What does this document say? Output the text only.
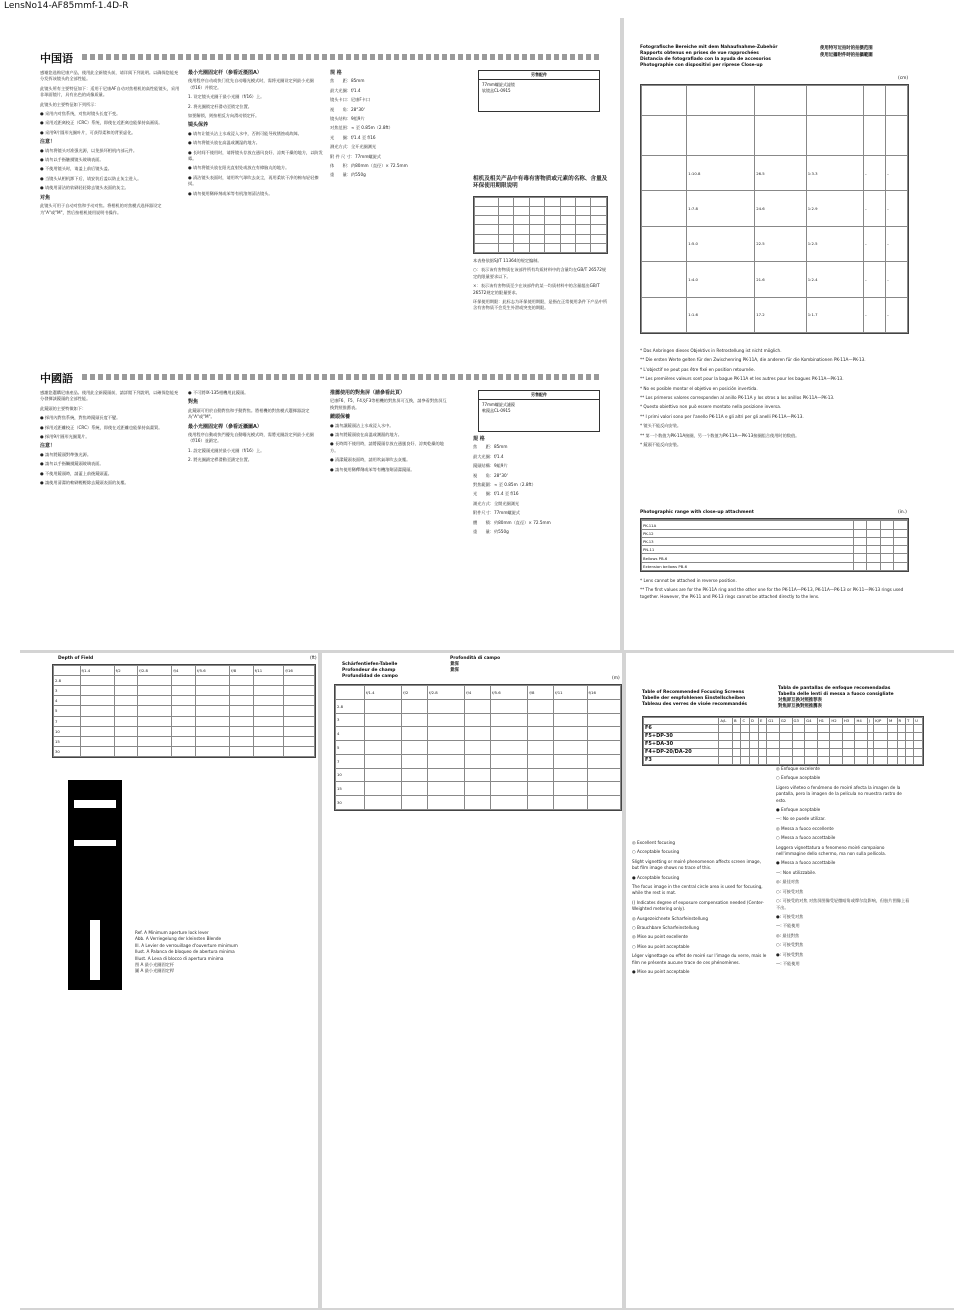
LensNo14-AF85mmf-1.4D-R
中国语

感谢您选购尼康产品，使用此全新镜头前，请详阅下列说明。以确保您能充分发挥该镜头的全部性能。

此镜头所有主要特征如下：适用于尼康AF自动对焦相机的高性能镜头，采用非球面镜片，具有出色的成像质量。

此镜头的主要特征如下列所示：

● 采用内对焦系统，对焦时镜头长度不变。

● 采用近距离校正（CRC）系统，即使在近距离也能保持高画质。

● 采用9片圆形光圈叶片，可获得柔和的背景虚化。

注意！

● 请勿将镜头对准强光源，以免损坏相机内部元件。

● 请勿以手指触摸镜头玻璃表面。

● 不使用镜头时，请盖上前后镜头盖。

● 当镜头从相机卸下后，请安装后盖以防止灰尘进入。

● 请使用清洁的软刷轻轻除去镜头表面的灰尘。

对焦

此镜头可用于自动对焦和手动对焦。将相机的对焦模式选择器设定为"A"或"M"，然后按相机使用说明书操作。

最小光圈固定杆（参看近摄图A）

使用程序自动或快门优先自动曝光模式时，需将光圈设定到最小光圈（f/16）并锁定。

1. 设定镜头光圈于最小光圈（f/16）上。

2. 将光圈锁定杆滑动至锁定位置。

如要解锁，则按相反方向滑动锁定杆。

镜头保养

● 请勿让镜头沾上水或浸入水中，否则可能导致锈蚀或故障。

● 请勿将镜头放在高温或潮湿的地方。

● 长时间不使用时，请将镜头存放在通风良好、凉爽干燥的地方，以防发霉。

● 请勿将镜头放在阳光直射处或放在有樟脑丸的地方。

● 清洁镜头表面时，请用吹气球吹去灰尘，再用柔软干净的棉布轻轻擦拭。

● 请勿使用稀释剂或苯等有机溶剂清洁镜头。

规 格

焦　　距：85mm

最大光圈：f/1.4

镜头卡口：尼康F卡口

视　　角：28°30'

镜头结构：9组9片

对焦范围：∞ 至 0.85m（2.8ft）

光　　圈：f/1.4 至 f/16

测光方式：全开光圈测光

附 件 尺 寸：77mm螺旋式

体　　积：约80mm（直径）× 72.5mm

重　　量：约550g

另售配件
77mm螺旋式滤镜
软镜盒CL-0915
相机及相关产品中有毒有害物质或元素的名称、含量及环保使用期限说明

本表格依据SJ/T 11364的规定编制。

○：表示该有害物质在该部件所有均质材料中的含量均在GB/T 26572规定的限量要求以下。

×：表示该有害物质至少在该部件的某一均质材料中的含量超出GB/T 26572规定的限量要求。

环保使用期限：此标志为环保使用期限，是指在正常使用条件下产品中所含有害物质不会发生外泄或突变的期限。

中國語

感謝您選購尼康產品。使用此全新鏡頭前，請詳閱下列說明，以確保您能充分發揮該鏡頭的全部性能。

此鏡頭的主要特徵如下：

● 採用內對焦系統，對焦時鏡頭長度不變。

● 採用近距離校正（CRC）系統，即使在近距離也能保持高畫質。

● 採用9片圓形光圈葉片。

注意！

● 請勿將鏡頭對準強光源。

● 請勿以手指觸摸鏡頭玻璃表面。

● 不使用鏡頭時，請蓋上前後鏡頭蓋。

● 請使用清潔的軟刷輕輕除去鏡頭表面的灰塵。

● 不可將IX-135相機用此鏡頭。

對焦

此鏡頭可用於自動對焦和手動對焦。將相機的對焦模式選擇器設定為"A"或"M"。

最小光圈固定桿（參看近攝圖A）

使用程序自動或快門優先自動曝光模式時，需將光圈設定到最小光圈（f/16）並鎖定。

1. 設定鏡頭光圈於最小光圈（f/16）上。

2. 將光圈鎖定桿滑動至鎖定位置。

推薦使用的對焦屏（請參看此頁）

尼康F6、F5、F4及F3等相機的對焦屏可互換，請參看對焦屏互換對照推薦表。

鏡頭保養

● 請勿讓鏡頭沾上水或浸入水中。

● 請勿將鏡頭放在高溫或潮濕的地方。

● 長時間不使用時，請將鏡頭存放在通風良好、涼爽乾燥的地方。

● 清潔鏡頭表面時，請用吹氣球吹去灰塵。

● 請勿使用稀釋劑或苯等有機溶劑清潔鏡頭。

另售配件
77mm螺旋式濾鏡
軟鏡盒CL-0915
規 格

焦　　距：85mm

最大光圈：f/1.4

鏡頭結構：9組9片

視　　角：28°30'

對焦範圍：∞ 至 0.85m（2.8ft）

光　　圈：f/1.4 至 f/16

測光方式：全開光圈測光

附件尺寸：77mm螺旋式

體　　積：約80mm（直徑）× 72.5mm

重　　量：約550g

Fotografische Bereiche mit dem Nahaufnahme-Zubehör
Rapports obtenus en prises de vue rapprochées
Distancia de fotografiado con la ayuda de accesorios
Photographie con dispositivi per riprese Close-up
使用特写近拍时的拍摄范围
使用近攝附件時的拍攝範圍
(cm)

	1:10.8	26.5	1:3.3	–	–
	1:7.8	24.6	1:2.9	–	–
	1:5.0	22.5	1:2.5	–	–
	1:4.0	21.6	1:2.4	–	–
	1:1.6	17.2	1:1.7	–	–

* Das Anbringen dieses Objektivs in Retrostellung ist nicht möglich.

** Die ersten Werte gelten für den Zwischenring PK-11A, die anderen für die Kombinationen PK-11A—PK-13.

* L'objectif ne peut pas être fixé en position retournée.

** Les premières valeurs sont pour la bague PK-11A et les autres pour les bagues PK-11A—PK-13.

* No es posible montar el objetivo en posición invertida.

** Los primeros valores corresponden al anillo PK-11A y los otros a los anillos PK-11A—PK-13.

* Questo obiettivo non può essere montato nella posizione inversa.

** I primi valori sono per l'anello PK-11A e gli altri per gli anelli PK-11A—PK-13.

* 镜头不能反向安装。

** 第一个数值为PK-11A接圈，另一个数值为PK-11A—PK-13接圈组合使用时的数值。

* 鏡頭不能反向安裝。

Photographic range with close-up attachment	(in.)

PK-11A				
PK-12				
PK-13				
PN-11				
Bellows PB-6				
Extension bellows PB-6				

* Lens cannot be attached in reverse position.

** The first values are for the PK-11A ring and the other one for the PK-11A—PK-13, PK-11A—PK-13 or PK-11—PK-13 rings used together. However, the PK-11 and PK-13 rings cannot be attached directly to the lens.

Depth of Field	(ft)
	f/1.4	f/2	f/2.8	f/4	f/5.6	f/8	f/11	f/16
2.8								
3								
4								
5								
7								
10								
15								
30								
Ref. A Minimum aperture lock lever
Abb. A Verriegelung der kleinsten Blende
Ill. A Levier de verrouillage d'ouverture minimum
Ilust. A Palanca de bloqueo de abertura minima
Illust. A Leva di blocco di apertura minima
图 A 最小光圈固定杆
圖 A 最小光圈固定桿
Schärfentiefen-Tabelle
Profondeur de champ
Profundidad de campo
Profondità di campo
景深
景深
(m)
	f/1.4	f/2	f/2.8	f/4	f/5.6	f/8	f/11	f/16
2.8								
3								
4								
5								
7								
10								
15								
30								
Table of Recommended Focusing Screens
Tabelle der empfohlenen Einstellscheiben
Tableau des verres de visée recommandés
Tabla de pantallas de enfoque recomendadas
Tabella delle lenti di messa a fuoco consigliate
对焦屏互换对照推荐表
對焦屏互換對照推薦表
	A/L	B	C	D	E	G1	G2	G3	G4	H1	H2	H3	H4	J	K/P	M	R	T	U
F6																			
F5+DP-30																			
F5+DA-30																			
F4+DP-20/DA-20																			
F3																			

◎ Excellent focusing

○ Acceptable focusing

Slight vignetting or moiré phenomenon affects screen image, but film image shows no trace of this.

● Acceptable focusing

The focus image in the central circle area is used for focusing, while the rest is mat.

() Indicates degree of exposure compensation needed (Center-Weighted metering only).

◎ Ausgezeichnete Scharfeinstellung

○ Brauchbare Scharfeinstellung

◎ Mise au point excellente

○ Mise au point acceptable

Léger vignettage ou effet de moiré sur l'image du verre, mais le film ne présente aucune trace de ces phénomènes.

● Mise au point acceptable

◎ Enfoque excelente

○ Enfoque aceptable

Ligero viñeteo o fenómeno de moiré afecta la imagen de la pantalla, pero la imagen de la película no muestra rastro de esto.

● Enfoque aceptable

—: No se puede utilizar.

◎ Messa a fuoco eccellente

○ Messa a fuoco accettabile

Leggera vignettatura o fenomeno moiré compaiono nell'immagine dello schermo, ma non sulla pellicola.

● Messa a fuoco accettabile

—: Non utilizzabile.

◎: 最佳对焦

○: 可接受对焦

○: 可接受的对焦 对焦屏图像受轻微暗角或摩尔纹影响，但胶片图像上看不出。

●: 可接受对焦

—: 不能使用

◎: 最佳對焦

○: 可接受對焦

●: 可接受對焦

—: 不能使用
